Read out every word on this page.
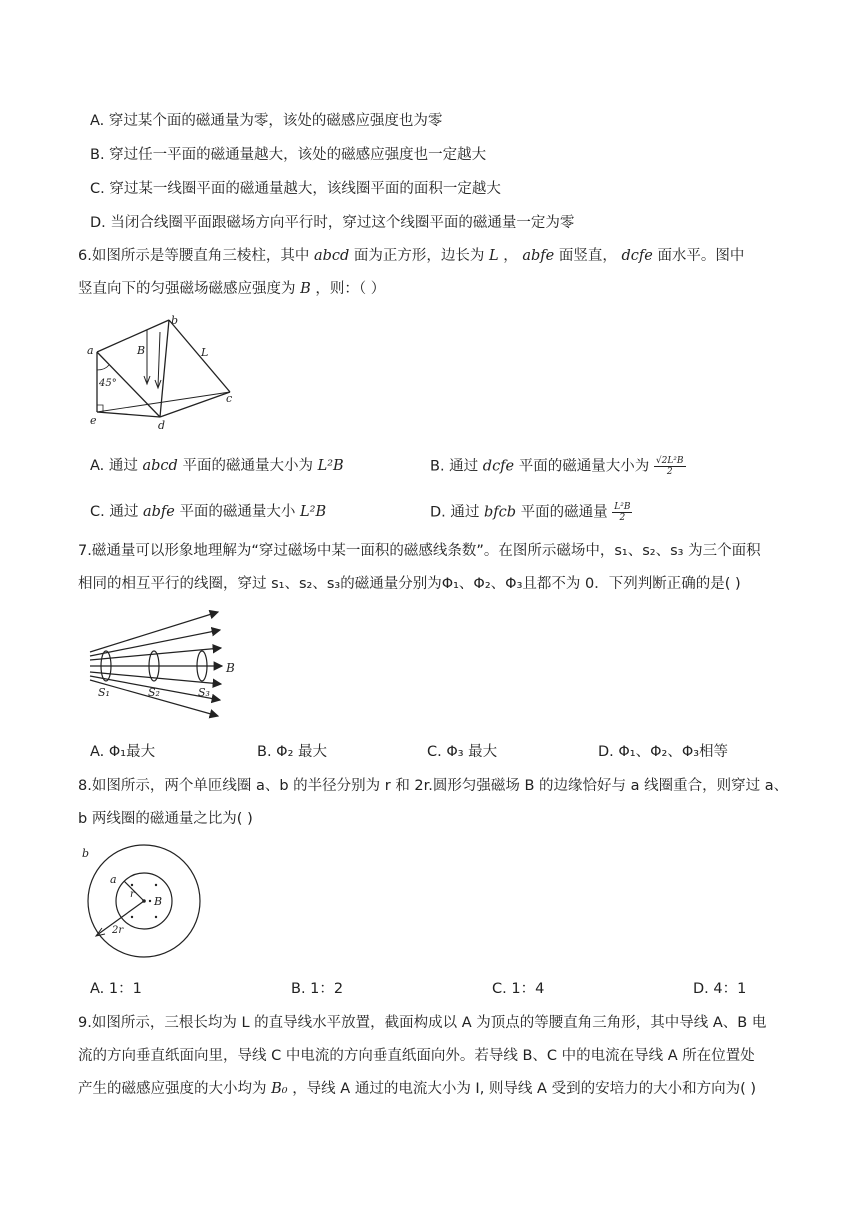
A. 穿过某个面的磁通量为零，该处的磁感应强度也为零
B. 穿过任一平面的磁通量越大，该处的磁感应强度也一定越大
C. 穿过某一线圈平面的磁通量越大，该线圈平面的面积一定越大
D. 当闭合线圈平面跟磁场方向平行时，穿过这个线圈平面的磁通量一定为零
6.如图所示是等腰直角三棱柱，其中 abcd 面为正方形，边长为 L ， abfe 面竖直， dcfe 面水平。图中
竖直向下的匀强磁场磁感应强度为 B ，则：（ ）
a
b
B	L
45°
c
e	d
A. 通过 abcd 平面的磁通量大小为 L²B	B. 通过 dcfe 平面的磁通量大小为 $\frac{\text{√2L²B}}{2}$
C. 通过 abfe 平面的磁通量大小 L²B	D. 通过 bfcb 平面的磁通量 $\frac{\text{L²B}}{2}$
7.磁通量可以形象地理解为“穿过磁场中某一面积的磁感线条数”。在图所示磁场中，s₁、s₂、s₃ 为三个面积
相同的相互平行的线圈，穿过 s₁、s₂、s₃的磁通量分别为Φ₁、Φ₂、Φ₃且都不为 0．下列判断正确的是( )
B
S₁	S₂	S₃
A. Φ₁最大	B. Φ₂ 最大	C. Φ₃ 最大	D. Φ₁、Φ₂、Φ₃相等
8.如图所示，两个单匝线圈 a、b 的半径分别为 r 和 2r.圆形匀强磁场 B 的边缘恰好与 a 线圈重合，则穿过 a、
b 两线圈的磁通量之比为( )
b
a
r
B
2r
A. 1：1	B. 1：2	C. 1：4	D. 4：1
9.如图所示，三根长均为 L 的直导线水平放置，截面构成以 A 为顶点的等腰直角三角形，其中导线 A、B 电
流的方向垂直纸面向里，导线 C 中电流的方向垂直纸面向外。若导线 B、C 中的电流在导线 A 所在位置处
产生的磁感应强度的大小均为 B₀ ，导线 A 通过的电流大小为 I, 则导线 A 受到的安培力的大小和方向为( )
